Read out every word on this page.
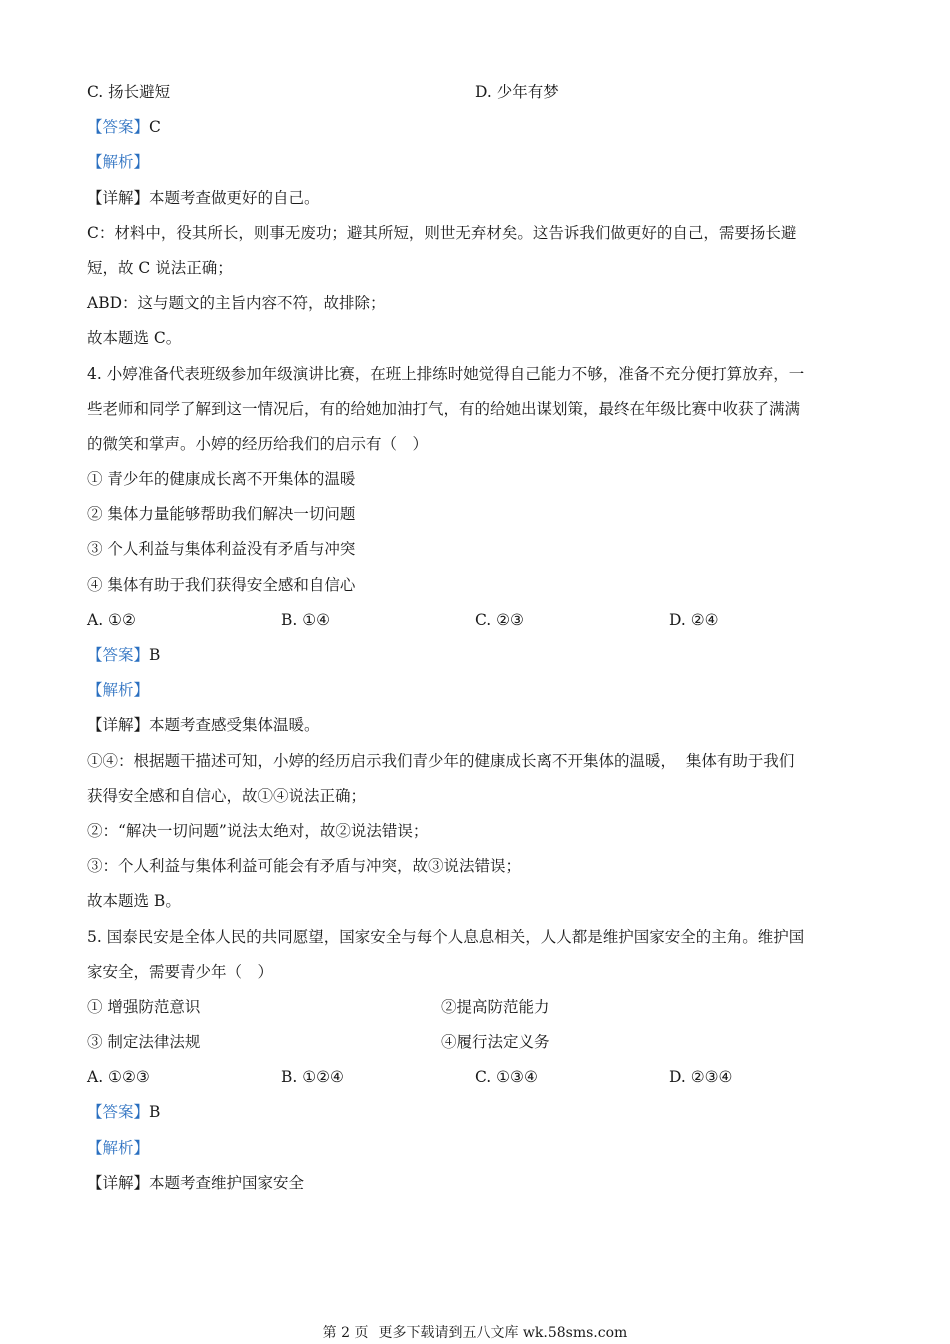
C. 扬长避短	D. 少年有梦
【答案】C
【解析】
【详解】本题考查做更好的自己。
C：材料中，役其所长，则事无废功；避其所短，则世无弃材矣。这告诉我们做更好的自己，需要扬长避
短，故 C 说法正确；
ABD：这与题文的主旨内容不符，故排除；
故本题选 C。
4. 小婷准备代表班级参加年级演讲比赛，在班上排练时她觉得自己能力不够，准备不充分便打算放弃，一
些老师和同学了解到这一情况后，有的给她加油打气，有的给她出谋划策，最终在年级比赛中收获了满满
的微笑和掌声。小婷的经历给我们的启示有（　）
① 青少年的健康成长离不开集体的温暖
② 集体力量能够帮助我们解决一切问题
③ 个人利益与集体利益没有矛盾与冲突
④ 集体有助于我们获得安全感和自信心
A. ①②	B. ①④	C. ②③	D. ②④
【答案】B
【解析】
【详解】本题考查感受集体温暖。
①④：根据题干描述可知，小婷的经历启示我们青少年的健康成长离不开集体的温暖，  集体有助于我们
获得安全感和自信心，故①④说法正确；
②：“解决一切问题”说法太绝对，故②说法错误；
③：个人利益与集体利益可能会有矛盾与冲突，故③说法错误；
故本题选 B。
5. 国泰民安是全体人民的共同愿望，国家安全与每个人息息相关，人人都是维护国家安全的主角。维护国
家安全，需要青少年（　）
① 增强防范意识	②提高防范能力
③ 制定法律法规	④履行法定义务
A. ①②③	B. ①②④	C. ①③④	D. ②③④
【答案】B
【解析】
【详解】本题考查维护国家安全
第 2 页 更多下载请到五八文库 wk.58sms.com
